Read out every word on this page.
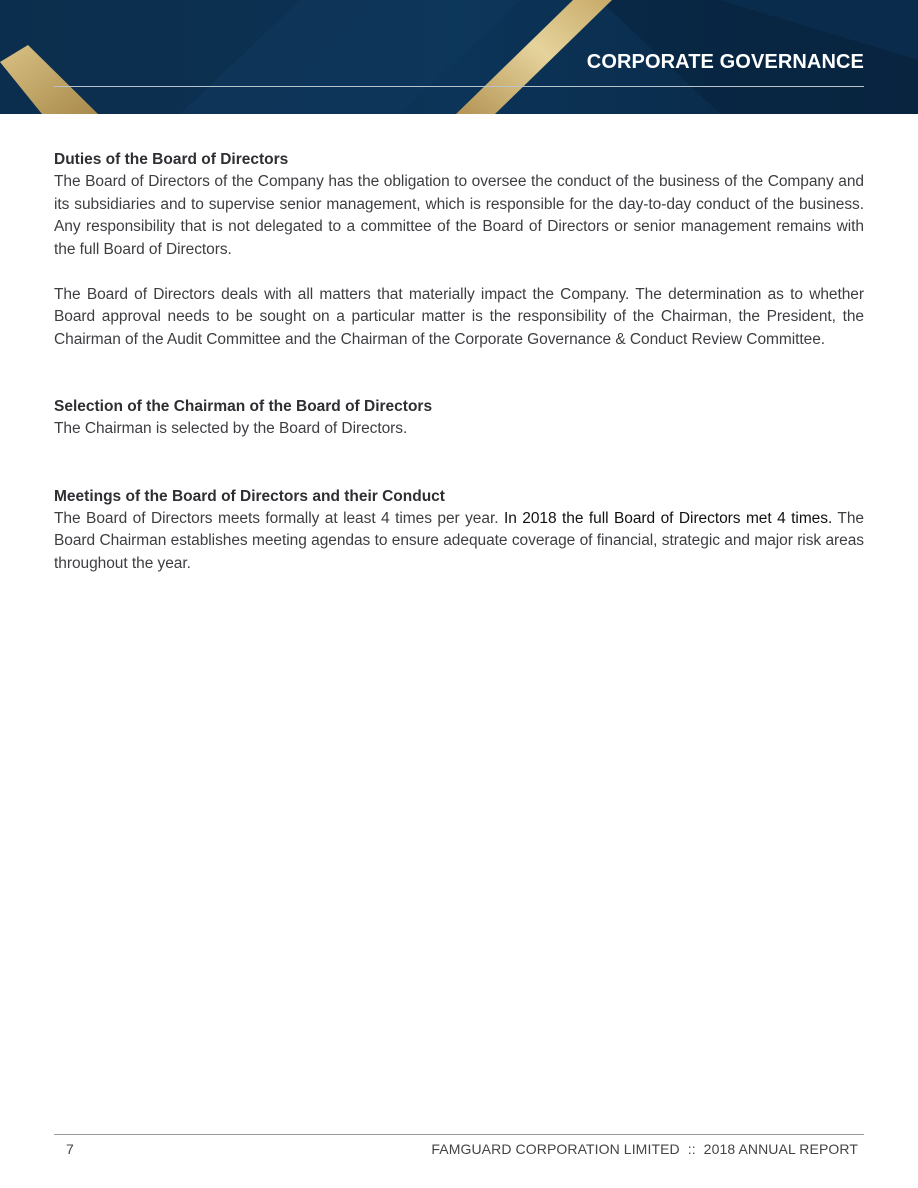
CORPORATE GOVERNANCE

Duties of the Board of Directors

The Board of Directors of the Company has the obligation to oversee the conduct of the business of the Company and its subsidiaries and to supervise senior management, which is responsible for the day-to-day conduct of the business. Any responsibility that is not delegated to a committee of the Board of Directors or senior management remains with the full Board of Directors.

The Board of Directors deals with all matters that materially impact the Company. The determination as to whether Board approval needs to be sought on a particular matter is the responsibility of the Chairman, the President, the Chairman of the Audit Committee and the Chairman of the Corporate Governance & Conduct Review Committee.

Selection of the Chairman of the Board of Directors

The Chairman is selected by the Board of Directors.

Meetings of the Board of Directors and their Conduct

The Board of Directors meets formally at least 4 times per year. In 2018 the full Board of Directors met 4 times. The Board Chairman establishes meeting agendas to ensure adequate coverage of financial, strategic and major risk areas throughout the year.

7	FAMGUARD CORPORATION LIMITED  ::  2018 ANNUAL REPORT
